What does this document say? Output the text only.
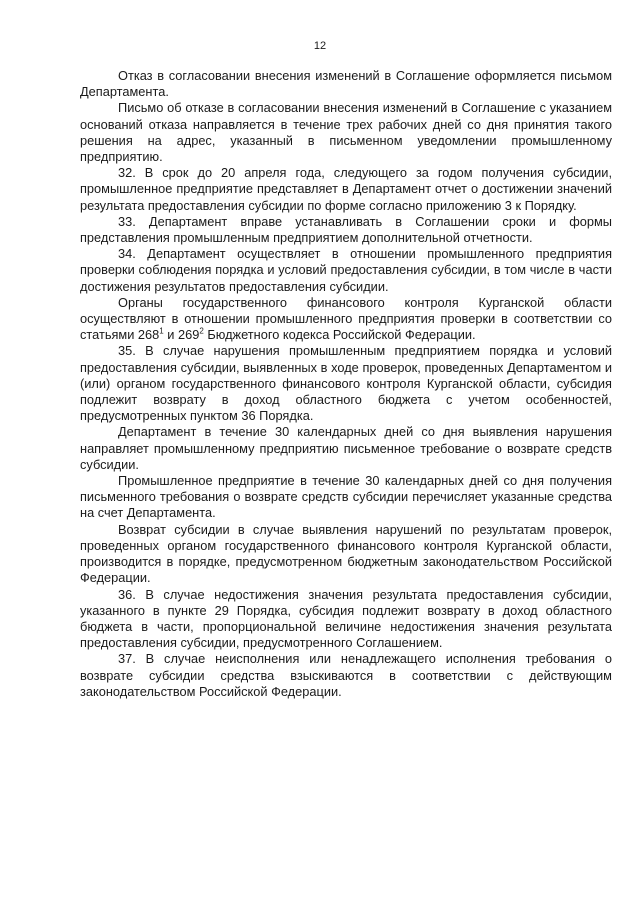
12

Отказ в согласовании внесения изменений в Соглашение оформляется письмом Департамента.

Письмо об отказе в согласовании внесения изменений в Соглашение с указанием оснований отказа направляется в течение трех рабочих дней со дня принятия такого решения на адрес, указанный в письменном уведомлении промышленному предприятию.

32. В срок до 20 апреля года, следующего за годом получения субсидии, промышленное предприятие представляет в Департамент отчет о достижении значений результата предоставления субсидии по форме согласно приложению 3 к Порядку.

33. Департамент вправе устанавливать в Соглашении сроки и формы представления промышленным предприятием дополнительной отчетности.

34. Департамент осуществляет в отношении промышленного предприятия проверки соблюдения порядка и условий предоставления субсидии, в том числе в части достижения результатов предоставления субсидии.

Органы государственного финансового контроля Курганской области осуществляют в отношении промышленного предприятия проверки в соответствии со статьями $268^1$ и $269^2$ Бюджетного кодекса Российской Федерации.

35. В случае нарушения промышленным предприятием порядка и условий предоставления субсидии, выявленных в ходе проверок, проведенных Департаментом и (или) органом государственного финансового контроля Курганской области, субсидия подлежит возврату в доход областного бюджета с учетом особенностей, предусмотренных пунктом 36 Порядка.

Департамент в течение 30 календарных дней со дня выявления нарушения направляет промышленному предприятию письменное требование о возврате средств субсидии.

Промышленное предприятие в течение 30 календарных дней со дня получения письменного требования о возврате средств субсидии перечисляет указанные средства на счет Департамента.

Возврат субсидии в случае выявления нарушений по результатам проверок, проведенных органом государственного финансового контроля Курганской области, производится в порядке, предусмотренном бюджетным законодательством Российской Федерации.

36. В случае недостижения значения результата предоставления субсидии, указанного в пункте 29 Порядка, субсидия подлежит возврату в доход областного бюджета в части, пропорциональной величине недостижения значения результата предоставления субсидии, предусмотренного Соглашением.

37. В случае неисполнения или ненадлежащего исполнения требования о возврате субсидии средства взыскиваются в соответствии с действующим законодательством Российской Федерации.
